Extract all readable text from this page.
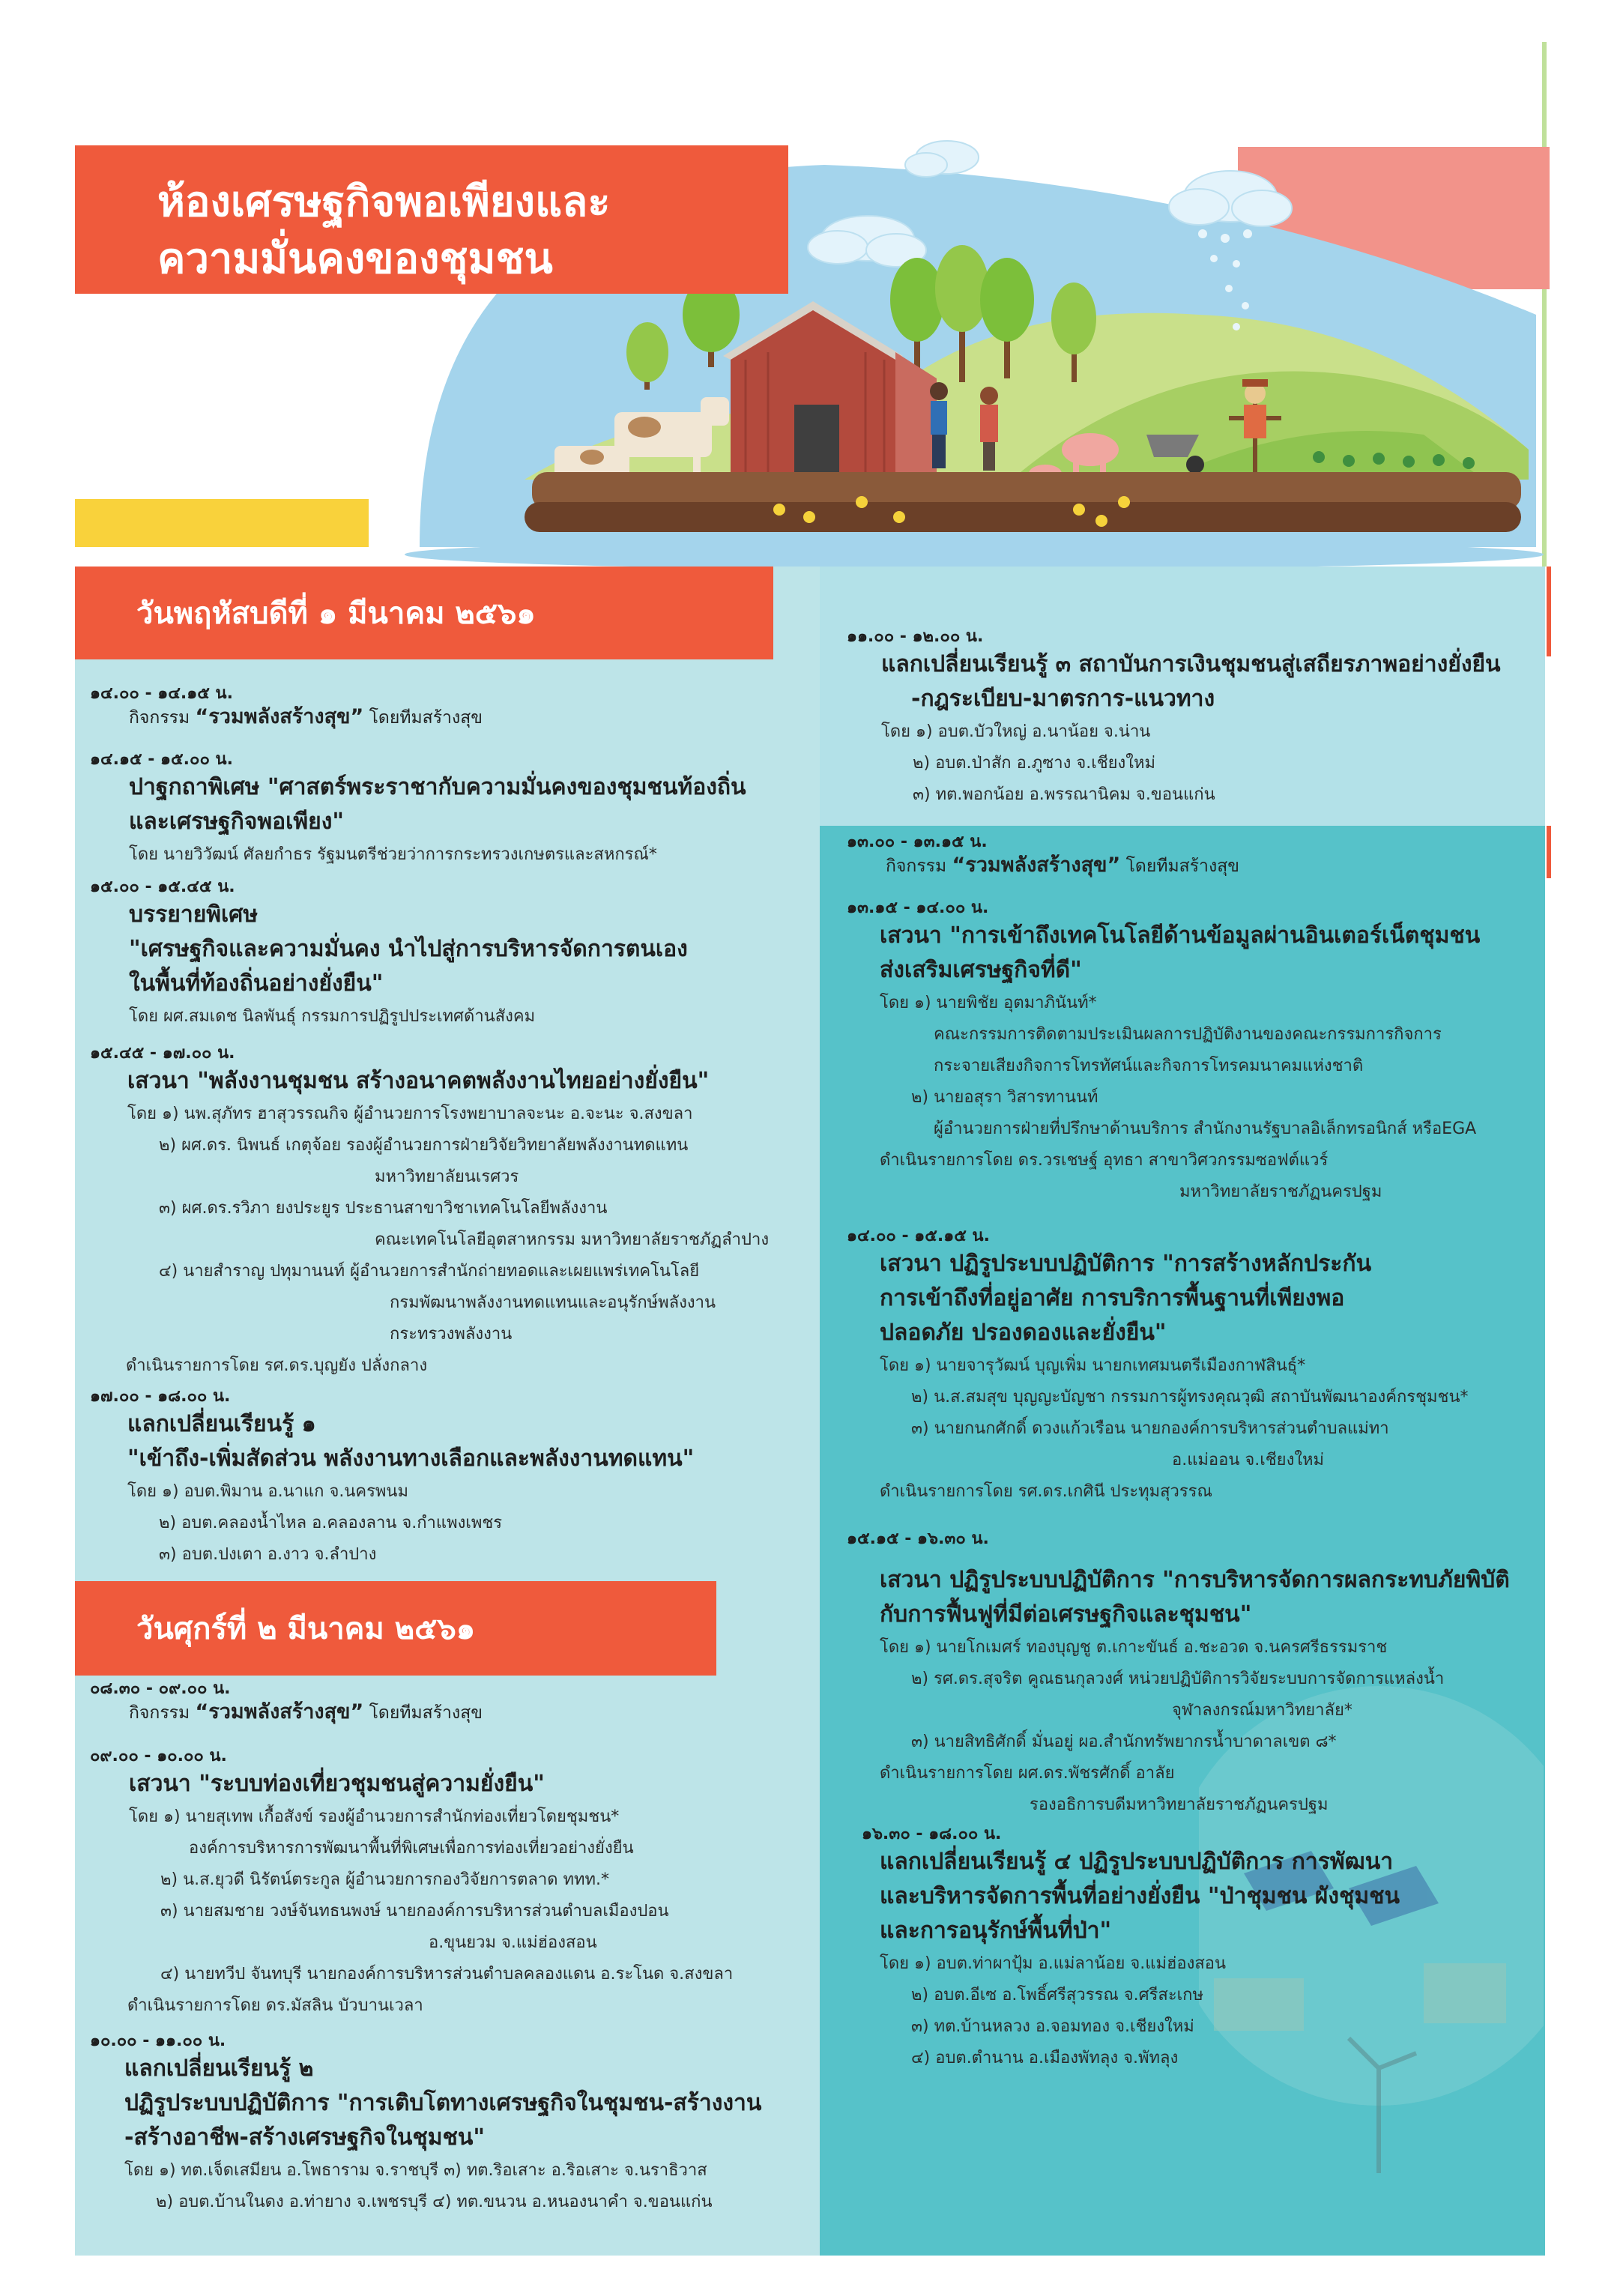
ห้องเศรษฐกิจพอเพียงและ
ความมั่นคงของชุมชน
วันพฤหัสบดีที่ ๑ มีนาคม ๒๕๖๑
๑๔.๐๐ - ๑๔.๑๕ น.
กิจกรรม “รวมพลังสร้างสุข” โดยทีมสร้างสุข
๑๔.๑๕ - ๑๕.๐๐ น.
ปาฐกถาพิเศษ "ศาสตร์พระราชากับความมั่นคงของชุมชนท้องถิ่น
และเศรษฐกิจพอเพียง"
โดย นายวิวัฒน์ ศัลยกำธร รัฐมนตรีช่วยว่าการกระทรวงเกษตรและสหกรณ์*
๑๕.๐๐ - ๑๕.๔๕ น.
บรรยายพิเศษ
"เศรษฐกิจและความมั่นคง นำไปสู่การบริหารจัดการตนเอง
ในพื้นที่ท้องถิ่นอย่างยั่งยืน"
โดย ผศ.สมเดช นิลพันธุ์ กรรมการปฏิรูปประเทศด้านสังคม
๑๕.๔๕ - ๑๗.๐๐ น.
เสวนา "พลังงานชุมชน สร้างอนาคตพลังงานไทยอย่างยั่งยืน"
โดย ๑) นพ.สุภัทร ฮาสุวรรณกิจ ผู้อำนวยการโรงพยาบาลจะนะ อ.จะนะ จ.สงขลา
๒) ผศ.ดร. นิพนธ์ เกตุจ้อย รองผู้อำนวยการฝ่ายวิจัยวิทยาลัยพลังงานทดแทน
มหาวิทยาลัยนเรศวร
๓) ผศ.ดร.รวิภา ยงประยูร ประธานสาขาวิชาเทคโนโลยีพลังงาน
คณะเทคโนโลยีอุตสาหกรรม มหาวิทยาลัยราชภัฏลำปาง
๔) นายสำราญ ปทุมานนท์ ผู้อำนวยการสำนักถ่ายทอดและเผยแพร่เทคโนโลยี
กรมพัฒนาพลังงานทดแทนและอนุรักษ์พลังงาน
กระทรวงพลังงาน
ดำเนินรายการโดย รศ.ดร.บุญยัง ปลั่งกลาง
๑๗.๐๐ - ๑๘.๐๐ น.
แลกเปลี่ยนเรียนรู้ ๑
"เข้าถึง-เพิ่มสัดส่วน พลังงานทางเลือกและพลังงานทดแทน"
โดย ๑) อบต.พิมาน อ.นาแก จ.นครพนม
๒) อบต.คลองน้ำไหล อ.คลองลาน จ.กำแพงเพชร
๓) อบต.ปงเตา อ.งาว จ.ลำปาง
วันศุกร์ที่ ๒ มีนาคม ๒๕๖๑
๐๘.๓๐ - ๐๙.๐๐ น.
กิจกรรม “รวมพลังสร้างสุข” โดยทีมสร้างสุข
๐๙.๐๐ - ๑๐.๐๐ น.
เสวนา "ระบบท่องเที่ยวชุมชนสู่ความยั่งยืน"
โดย ๑) นายสุเทพ เกื้อสังข์ รองผู้อำนวยการสำนักท่องเที่ยวโดยชุมชน*
องค์การบริหารการพัฒนาพื้นที่พิเศษเพื่อการท่องเที่ยวอย่างยั่งยืน
๒) น.ส.ยุวดี นิรัตน์ตระกูล ผู้อำนวยการกองวิจัยการตลาด ททท.*
๓) นายสมชาย วงษ์จันทธนพงษ์ นายกองค์การบริหารส่วนตำบลเมืองปอน
อ.ขุนยวม จ.แม่ฮ่องสอน
๔) นายทวีป จันทบุรี นายกองค์การบริหารส่วนตำบลคลองแดน อ.ระโนด จ.สงขลา
ดำเนินรายการโดย ดร.มัสลิน บัวบานเวลา
๑๐.๐๐ - ๑๑.๐๐ น.
แลกเปลี่ยนเรียนรู้ ๒
ปฏิรูประบบปฏิบัติการ "การเติบโตทางเศรษฐกิจในชุมชน-สร้างงาน
-สร้างอาชีพ-สร้างเศรษฐกิจในชุมชน"
โดย ๑) ทต.เจ็ดเสมียน อ.โพธาราม จ.ราชบุรี ๓) ทต.ริอเสาะ อ.ริอเสาะ จ.นราธิวาส
๒) อบต.บ้านในดง อ.ท่ายาง จ.เพชรบุรี ๔) ทต.ขนวน อ.หนองนาคำ จ.ขอนแก่น
๑๑.๐๐ - ๑๒.๐๐ น.
แลกเปลี่ยนเรียนรู้ ๓ สถาบันการเงินชุมชนสู่เสถียรภาพอย่างยั่งยืน
-กฎระเบียบ-มาตรการ-แนวทาง
โดย ๑) อบต.บัวใหญ่ อ.นาน้อย จ.น่าน
๒) อบต.ป่าสัก อ.ภูซาง จ.เชียงใหม่
๓) ทต.พอกน้อย อ.พรรณานิคม จ.ขอนแก่น
๑๓.๐๐ - ๑๓.๑๕ น.
กิจกรรม “รวมพลังสร้างสุข” โดยทีมสร้างสุข
๑๓.๑๕ - ๑๔.๐๐ น.
เสวนา "การเข้าถึงเทคโนโลยีด้านข้อมูลผ่านอินเตอร์เน็ตชุมชน
ส่งเสริมเศรษฐกิจที่ดี"
โดย ๑) นายพิชัย อุตมาภินันท์*
คณะกรรมการติดตามประเมินผลการปฏิบัติงานของคณะกรรมการกิจการ
กระจายเสียงกิจการโทรทัศน์และกิจการโทรคมนาคมแห่งชาติ
๒) นายอสุรา วิสารทานนท์
ผู้อำนวยการฝ่ายที่ปรึกษาด้านบริการ สำนักงานรัฐบาลอิเล็กทรอนิกส์ หรือEGA
ดำเนินรายการโดย ดร.วรเชษฐ์ อุทธา สาขาวิศวกรรมซอฟต์แวร์
มหาวิทยาลัยราชภัฏนครปฐม
๑๔.๐๐ - ๑๕.๑๕ น.
เสวนา ปฏิรูประบบปฏิบัติการ "การสร้างหลักประกัน
การเข้าถึงที่อยู่อาศัย การบริการพื้นฐานที่เพียงพอ
ปลอดภัย ปรองดองและยั่งยืน"
โดย ๑) นายจารุวัฒน์ บุญเพิ่ม นายกเทศมนตรีเมืองกาฬสินธุ์*
๒) น.ส.สมสุข บุญญะบัญชา กรรมการผู้ทรงคุณวุฒิ สถาบันพัฒนาองค์กรชุมชน*
๓) นายกนกศักดิ์ ดวงแก้วเรือน นายกองค์การบริหารส่วนตำบลแม่ทา
อ.แม่ออน จ.เชียงใหม่
ดำเนินรายการโดย รศ.ดร.เกศินี ประทุมสุวรรณ
๑๕.๑๕ - ๑๖.๓๐ น.
เสวนา ปฏิรูประบบปฏิบัติการ "การบริหารจัดการผลกระทบภัยพิบัติ
กับการฟื้นฟูที่มีต่อเศรษฐกิจและชุมชน"
โดย ๑) นายโกเมศร์ ทองบุญชู ต.เกาะขันธ์ อ.ชะอวด จ.นครศรีธรรมราช
๒) รศ.ดร.สุจริต คูณธนกุลวงศ์ หน่วยปฏิบัติการวิจัยระบบการจัดการแหล่งน้ำ
จุฬาลงกรณ์มหาวิทยาลัย*
๓) นายสิทธิศักดิ์ มั่นอยู่ ผอ.สำนักทรัพยากรน้ำบาดาลเขต ๘*
ดำเนินรายการโดย ผศ.ดร.พัชรศักดิ์ อาลัย
รองอธิการบดีมหาวิทยาลัยราชภัฏนครปฐม
๑๖.๓๐ - ๑๘.๐๐ น.
แลกเปลี่ยนเรียนรู้ ๔ ปฏิรูประบบปฏิบัติการ การพัฒนา
และบริหารจัดการพื้นที่อย่างยั่งยืน "ป่าชุมชน ผังชุมชน
และการอนุรักษ์พื้นที่ป่า"
โดย ๑) อบต.ท่าผาปุ้ม อ.แม่ลาน้อย จ.แม่ฮ่องสอน
๒) อบต.อีเซ อ.โพธิ์ศรีสุวรรณ จ.ศรีสะเกษ
๓) ทต.บ้านหลวง อ.จอมทอง จ.เชียงใหม่
๔) อบต.ตำนาน อ.เมืองพัทลุง จ.พัทลุง
